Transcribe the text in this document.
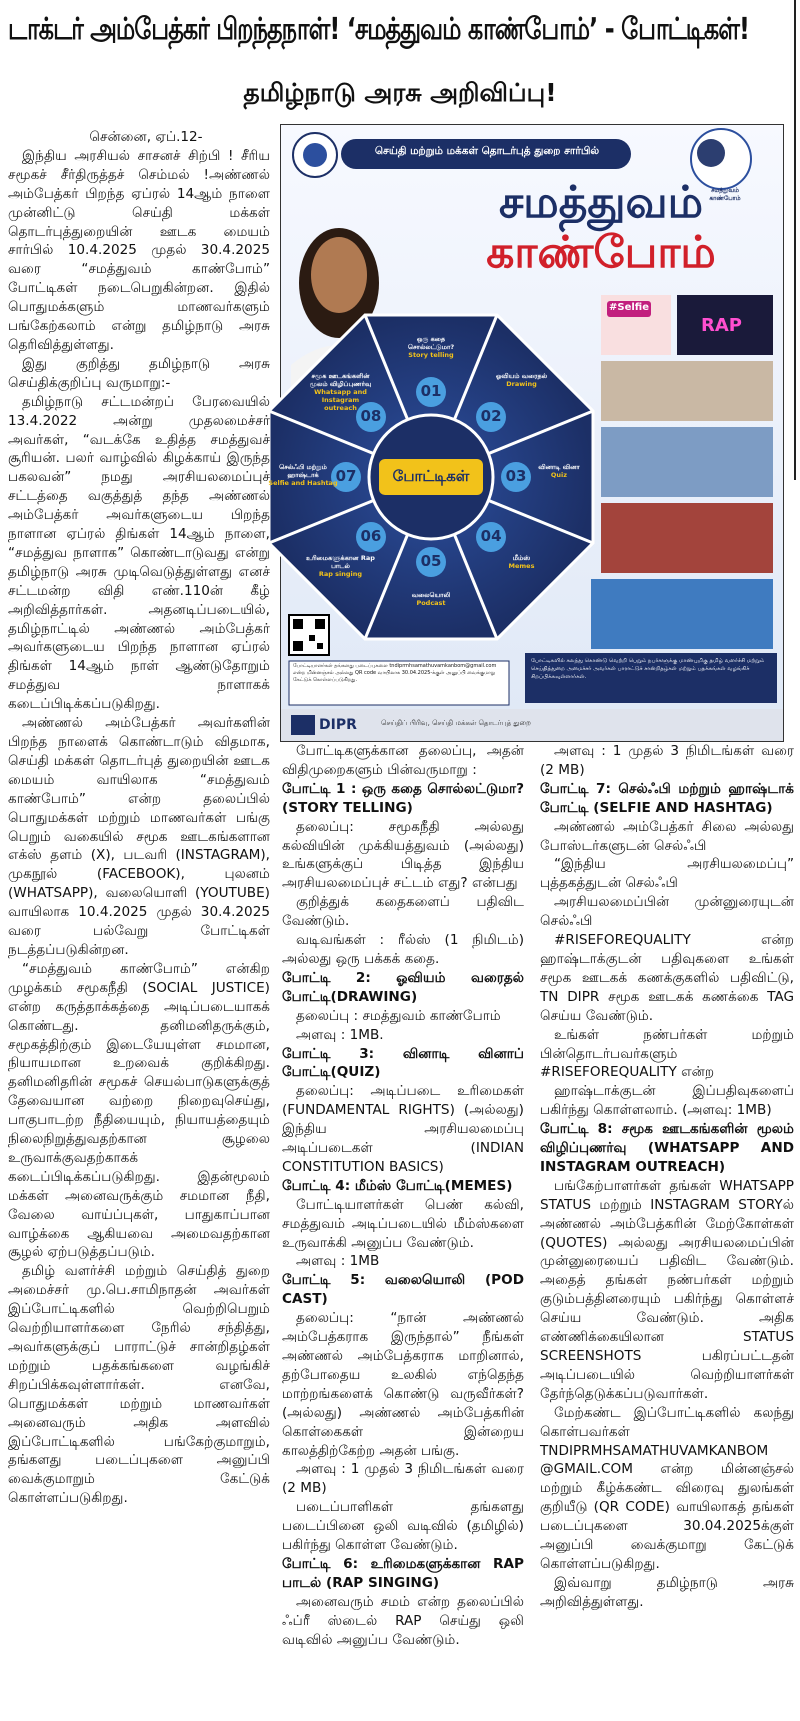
டாக்டர் அம்பேத்கர் பிறந்தநாள்! ‘சமத்துவம் காண்போம்’ - போட்டிகள்!
தமிழ்நாடு அரசு அறிவிப்பு!
செய்தி மற்றும் மக்கள் தொடர்புத் துறை சார்பில்
சமத்துவம் காண்போம்
சமத்துவம்
காண்போம்
போட்டிகள்
01
ஒரு கதை சொல்லட்டுமா?
Story telling
02
ஓவியம் வரைதல்
Drawing
03	வினாடி வினா
Quiz
04
மீம்ஸ்
Memes
05
வலையொலி
Podcast
06
உரிமைகளுக்கான Rap பாடல்
Rap singing
07
செல்ஃபி மற்றும் ஹாஷ்டாக்
Selfie and Hashtag
08
சமூக ஊடகங்களின் மூலம் விழிப்புணர்வு
Whatsapp and Instagram outreach
#Selfie
RAP
போட்டியாளர்கள் தங்களது படைப்புகளை tndiprmhsamathuvamkanbom@gmail.com என்ற மின்னஞ்சல் அல்லது QR code வாயிலாக 30.04.2025-க்குள் அனுப்பி வைக்குமாறு கேட்டுக் கொள்ளப்படுகிறது.
போட்டிகளில் கலந்து கொண்டு வெற்றி பெறும் நபர்களுக்கு மாண்புமிகு தமிழ் வளர்ச்சி மற்றும் செய்தித்துறை அமைச்சர் அவர்கள் பாராட்டுச் சான்றிதழ்கள் மற்றும் பதக்கங்கள் வழங்கிச் சிறப்பிக்கவுள்ளார்கள்.
DIPR	செய்திப் பிரிவு, செய்தி மக்கள் தொடர்புத் துறை

சென்னை, ஏப்.12-

இந்திய அரசியல் சாசனச் சிற்பி ! சீரிய சமூகச் சீர்திருத்தச் செம்மல் !அண்ணல் அம்பேத்கர் பிறந்த ஏப்ரல் 14ஆம் நாளை முன்னிட்டு செய்தி மக்கள் தொடர்புத்துறையின் ஊடக மையம் சார்பில் 10.4.2025 முதல் 30.4.2025 வரை “சமத்துவம் காண்போம்” போட்டிகள் நடைபெறுகின்றன. இதில் பொதுமக்களும் மாணவர்களும் பங்கேற்கலாம் என்று தமிழ்நாடு அரசு தெரிவித்துள்ளது.

இது குறித்து தமிழ்நாடு அரசு செய்திக்குறிப்பு வருமாறு:-

தமிழ்நாடு சட்டமன்றப் பேரவையில் 13.4.2022 அன்று முதலமைச்சர் அவர்கள், “வடக்கே உதித்த சமத்துவச் சூரியன். பலர் வாழ்வில் கிழக்காய் இருந்த பகலவன்” நமது அரசியலமைப்புச் சட்டத்தை வகுத்துத் தந்த அண்ணல் அம்பேத்கர் அவர்களுடைய பிறந்த நாளான ஏப்ரல் திங்கள் 14ஆம் நாளை, “சமத்துவ நாளாக” கொண்டாடுவது என்று தமிழ்நாடு அரசு முடிவெடுத்துள்ளது எனச் சட்டமன்ற விதி எண்.110ன் கீழ் அறிவித்தார்கள். அதனடிப்படையில், தமிழ்நாட்டில் அண்ணல் அம்பேத்கர் அவர்களுடைய பிறந்த நாளான ஏப்ரல் திங்கள் 14ஆம் நாள் ஆண்டுதோறும் சமத்துவ நாளாகக் கடைப்பிடிக்கப்படுகிறது.

அண்ணல் அம்பேத்கர் அவர்களின் பிறந்த நாளைக் கொண்டாடும் விதமாக, செய்தி மக்கள் தொடர்புத் துறையின் ஊடக மையம் வாயிலாக “சமத்துவம் காண்போம்” என்ற தலைப்பில் பொதுமக்கள் மற்றும் மாணவர்கள் பங்கு பெறும் வகையில் சமூக ஊடகங்களான எக்ஸ் தளம் (X), படவரி (INSTAGRAM), முகநூல் (FACEBOOK), புலனம் (WHATSAPP), வலையொளி (YOUTUBE) வாயிலாக 10.4.2025 முதல் 30.4.2025 வரை பல்வேறு போட்டிகள் நடத்தப்படுகின்றன.

“சமத்துவம் காண்போம்” என்கிற முழக்கம் சமூகநீதி (SOCIAL JUSTICE) என்ற கருத்தாக்கத்தை அடிப்படையாகக் கொண்டது. தனிமனிதருக்கும், சமூகத்திற்கும் இடையேயுள்ள சமமான, நியாயமான உறவைக் குறிக்கிறது. தனிமனிதரின் சமூகச் செயல்பாடுகளுக்குத் தேவையான வற்றை நிறைவுசெய்து, பாகுபாடற்ற நீதியையும், நியாயத்தையும் நிலைநிறுத்துவதற்கான சூழலை உருவாக்குவதற்காகக் கடைப்பிடிக்கப்படுகிறது. இதன்மூலம் மக்கள் அனைவருக்கும் சமமான நீதி, வேலை வாய்ப்புகள், பாதுகாப்பான வாழ்க்கை ஆகியவை அமைவதற்கான சூழல் ஏற்படுத்தப்படும்.

தமிழ் வளர்ச்சி மற்றும் செய்தித் துறை அமைச்சர் மு.பெ.சாமிநாதன் அவர்கள் இப்போட்டிகளில் வெற்றிபெறும் வெற்றியாளர்களை நேரில் சந்தித்து, அவர்களுக்குப் பாராட்டுச் சான்றிதழ்கள் மற்றும் பதக்கங்களை வழங்கிச் சிறப்பிக்கவுள்ளார்கள். எனவே, பொதுமக்கள் மற்றும் மாணவர்கள் அனைவரும் அதிக அளவில் இப்போட்டிகளில் பங்கேற்குமாறும், தங்களது படைப்புகளை அனுப்பி வைக்குமாறும் கேட்டுக் கொள்ளப்படுகிறது.

போட்டிகளுக்கான தலைப்பு, அதன் விதிமுறைகளும் பின்வருமாறு :

போட்டி 1 : ஒரு கதை சொல்லட்டுமா? (STORY TELLING)

தலைப்பு: சமூகநீதி அல்லது கல்வியின் முக்கியத்துவம் (அல்லது) உங்களுக்குப் பிடித்த இந்திய அரசியலமைப்புச் சட்டம் எது? என்பது

குறித்துக் கதைகளைப் பதிவிட வேண்டும்.

வடிவங்கள் : ரீல்ஸ் (1 நிமிடம்) அல்லது ஒரு பக்கக் கதை.

போட்டி 2: ஓவியம் வரைதல் போட்டி(DRAWING)

தலைப்பு : சமத்துவம் காண்போம்

அளவு : 1MB.

போட்டி 3: வினாடி வினாப் போட்டி(QUIZ)

தலைப்பு: அடிப்படை உரிமைகள் (FUNDAMENTAL RIGHTS) (அல்லது) இந்திய அரசியலமைப்பு அடிப்படைகள் (INDIAN CONSTITUTION BASICS)

போட்டி 4: மீம்ஸ் போட்டி(MEMES)

போட்டியாளர்கள் பெண் கல்வி, சமத்துவம் அடிப்படையில் மீம்ஸ்களை உருவாக்கி அனுப்ப வேண்டும்.

அளவு : 1MB

போட்டி 5: வலையொலி (POD CAST)

தலைப்பு: “நான் அண்ணல் அம்பேத்கராக இருந்தால்” நீங்கள் அண்ணல் அம்பேத்கராக மாறினால், தற்போதைய உலகில் எந்தெந்த மாற்றங்களைக் கொண்டு வருவீர்கள்? (அல்லது) அண்ணல் அம்பேத்கரின் கொள்கைகள் இன்றைய காலத்திற்கேற்ற அதன் பங்கு.

அளவு : 1 முதல் 3 நிமிடங்கள் வரை (2 MB)

படைப்பாளிகள் தங்களது படைப்பினை ஒலி வடிவில் (தமிழில்) பகிர்ந்து கொள்ள வேண்டும்.

போட்டி 6: உரிமைகளுக்கான RAP பாடல் (RAP SINGING)

அனைவரும் சமம் என்ற தலைப்பில் ஃப்ரீ ஸ்டைல் RAP செய்து ஒலி வடிவில் அனுப்ப வேண்டும்.

அளவு : 1 முதல் 3 நிமிடங்கள் வரை (2 MB)

போட்டி 7: செல்ஃபி மற்றும் ஹாஷ்டாக் போட்டி (SELFIE AND HASHTAG)

அண்ணல் அம்பேத்கர் சிலை அல்லது போஸ்டர்களுடன் செல்ஃபி

“இந்திய அரசியலமைப்பு” புத்தகத்துடன் செல்ஃபி

அரசியலமைப்பின் முன்னுரையுடன் செல்ஃபி

#RISEFOREQUALITY என்ற ஹாஷ்டாக்குடன் பதிவுகளை உங்கள் சமூக ஊடகக் கணக்குகளில் பதிவிட்டு, TN DIPR சமூக ஊடகக் கணக்கை TAG செய்ய வேண்டும்.

உங்கள் நண்பர்கள் மற்றும் பின்தொடர்பவர்களும் #RISEFOREQUALITY என்ற

ஹாஷ்டாக்குடன் இப்பதிவுகளைப் பகிர்ந்து கொள்ளலாம். (அளவு: 1MB)

போட்டி 8: சமூக ஊடகங்களின் மூலம் விழிப்புணர்வு (WHATSAPP AND INSTAGRAM OUTREACH)

பங்கேற்பாளர்கள் தங்கள் WHATSAPP STATUS மற்றும் INSTAGRAM STORYல் அண்ணல் அம்பேத்கரின் மேற்கோள்கள் (QUOTES) அல்லது அரசியலமைப்பின் முன்னுரையைப் பதிவிட வேண்டும். அதைத் தங்கள் நண்பர்கள் மற்றும் குடும்பத்தினரையும் பகிர்ந்து கொள்ளச் செய்ய வேண்டும். அதிக எண்ணிக்கையிலான STATUS SCREENSHOTS பகிரப்பட்டதன் அடிப்படையில் வெற்றியாளர்கள் தேர்ந்தெடுக்கப்படுவார்கள்.

மேற்கண்ட இப்போட்டிகளில் கலந்து கொள்பவர்கள் TNDIPRMHSAMATHUVAMKANBOM @GMAIL.COM என்ற மின்னஞ்சல் மற்றும் கீழ்க்கண்ட விரைவு துலங்கள் குறியீடு (QR CODE) வாயிலாகத் தங்கள் படைப்புகளை 30.04.2025க்குள் அனுப்பி வைக்குமாறு கேட்டுக் கொள்ளப்படுகிறது.

இவ்வாறு தமிழ்நாடு அரசு அறிவித்துள்ளது.
